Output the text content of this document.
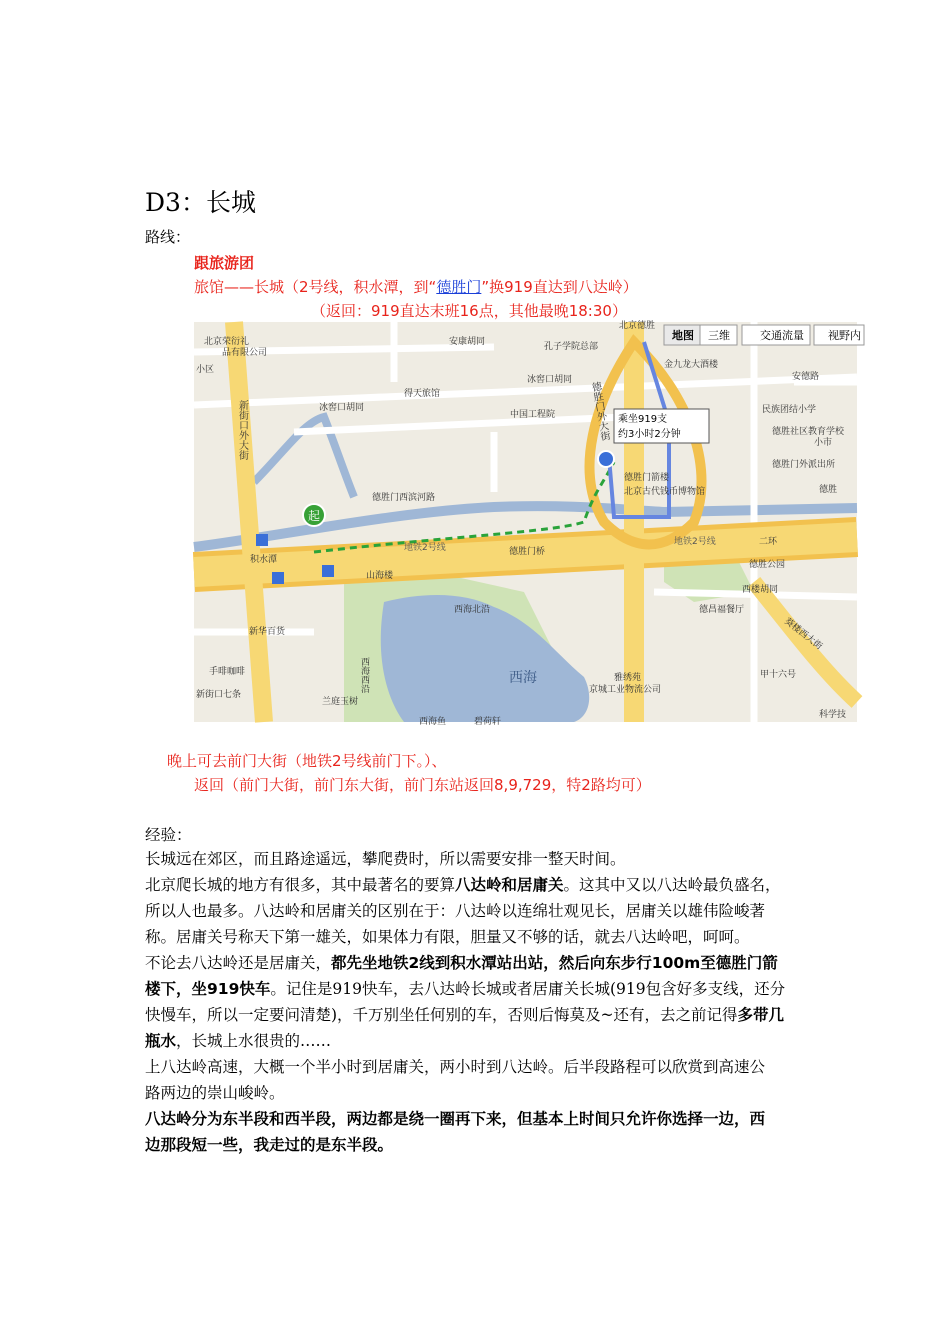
D3：长城
路线：
跟旅游团
旅馆——长城（2号线，积水潭，到“德胜门”换919直达到八达岭）
（返回：919直达末班16点，其他最晚18:30）
起
乘坐919支
约3小时2分钟
北京荣衍礼
品有限公司
小区
安康胡同	孔子学院总部
金九龙大酒楼
安德路
得天旅馆
冰窖口胡同
冰窖口胡同
中国工程院	民族团结小学
德胜社区教育学校
德胜门外派出所
德胜门箭楼
北京古代钱币博物馆
德胜门西滨河路
积水潭
地铁2号线
地铁2号线
德胜门桥
二环
山海楼
西海北沿
德胜公园
西楼胡同
德昌福餐厅
新华百货
手啡咖啡
新街口七条
兰庭玉树
西海鱼	碧荷轩
雅绣苑
京城工业物流公司
甲十六号
小市
德胜
科学技
西海
新街口外大街	德胜门外大街
西海西沿
葵楼西大街
北京德胜
地图 三维	交通流量 视野内
晚上可去前门大街（地铁2号线前门下。）、
返回（前门大街，前门东大街，前门东站返回8,9,729，特2路均可）
经验：
长城远在郊区，而且路途遥远，攀爬费时，所以需要安排一整天时间。
北京爬长城的地方有很多，其中最著名的要算八达岭和居庸关。这其中又以八达岭最负盛名，
所以人也最多。八达岭和居庸关的区别在于：八达岭以连绵壮观见长，居庸关以雄伟险峻著
称。居庸关号称天下第一雄关，如果体力有限，胆量又不够的话，就去八达岭吧，呵呵。
不论去八达岭还是居庸关，都先坐地铁2线到积水潭站出站，然后向东步行100m至德胜门箭
楼下，坐919快车。记住是919快车，去八达岭长城或者居庸关长城(919包含好多支线，还分
快慢车，所以一定要问清楚)，千万别坐任何别的车，否则后悔莫及~还有，去之前记得多带几
瓶水，长城上水很贵的……
上八达岭高速，大概一个半小时到居庸关，两小时到八达岭。后半段路程可以欣赏到高速公
路两边的崇山峻岭。
八达岭分为东半段和西半段，两边都是绕一圈再下来，但基本上时间只允许你选择一边，西
边那段短一些，我走过的是东半段。
